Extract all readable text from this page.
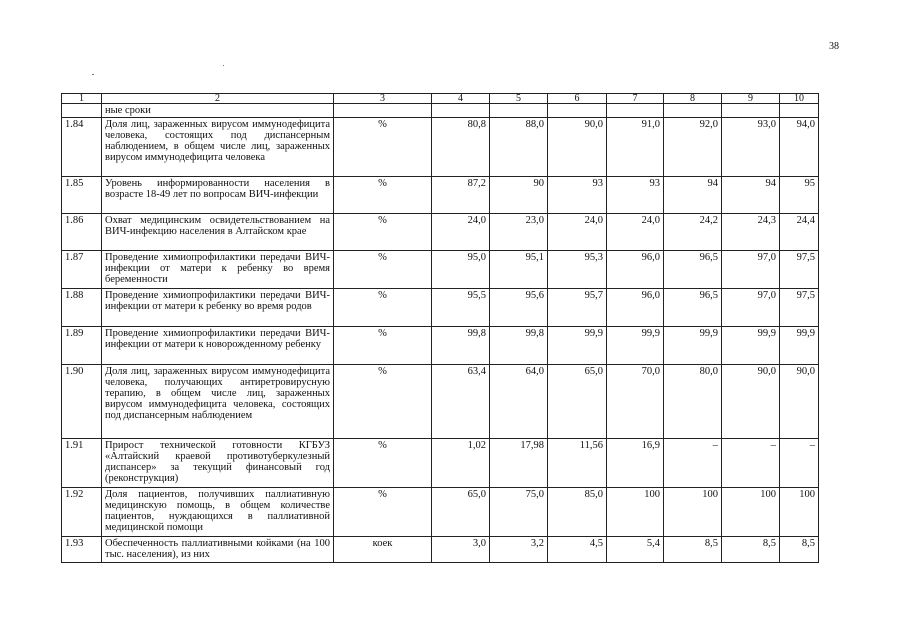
38
1	2	3	4	5	6	7	8	9	10
	ные сроки								
1.84	Доля лиц, зараженных вирусом иммунодефицита человека, состоящих под диспансерным наблюдением, в общем числе лиц, зараженных вирусом иммунодефицита человека	%	80,8	88,0	90,0	91,0	92,0	93,0	94,0
1.85	Уровень информированности населения в возрасте 18-49 лет по вопросам ВИЧ-инфекции	%	87,2	90	93	93	94	94	95
1.86	Охват медицинским освидетельствованием на ВИЧ-инфекцию населения в Алтайском крае	%	24,0	23,0	24,0	24,0	24,2	24,3	24,4
1.87	Проведение химиопрофилактики передачи ВИЧ-инфекции от матери к ребенку во время беременности	%	95,0	95,1	95,3	96,0	96,5	97,0	97,5
1.88	Проведение химиопрофилактики передачи ВИЧ-инфекции от матери к ребенку во время родов	%	95,5	95,6	95,7	96,0	96,5	97,0	97,5
1.89	Проведение химиопрофилактики передачи ВИЧ-инфекции от матери к новорожденному ребенку	%	99,8	99,8	99,9	99,9	99,9	99,9	99,9
1.90	Доля лиц, зараженных вирусом иммунодефицита человека, получающих антиретровирусную терапию, в общем числе лиц, зараженных вирусом иммунодефицита человека, состоящих под диспансерным наблюдением	%	63,4	64,0	65,0	70,0	80,0	90,0	90,0
1.91	Прирост технической готовности КГБУЗ «Алтайский краевой противотуберкулезный диспансер» за текущий финансовый год (реконструкция)	%	1,02	17,98	11,56	16,9	–	–	–
1.92	Доля пациентов, получивших паллиативную медицинскую помощь, в общем количестве пациентов, нуждающихся в паллиативной медицинской помощи	%	65,0	75,0	85,0	100	100	100	100
1.93	Обеспеченность паллиативными койками (на 100 тыс. населения), из них	коек	3,0	3,2	4,5	5,4	8,5	8,5	8,5
